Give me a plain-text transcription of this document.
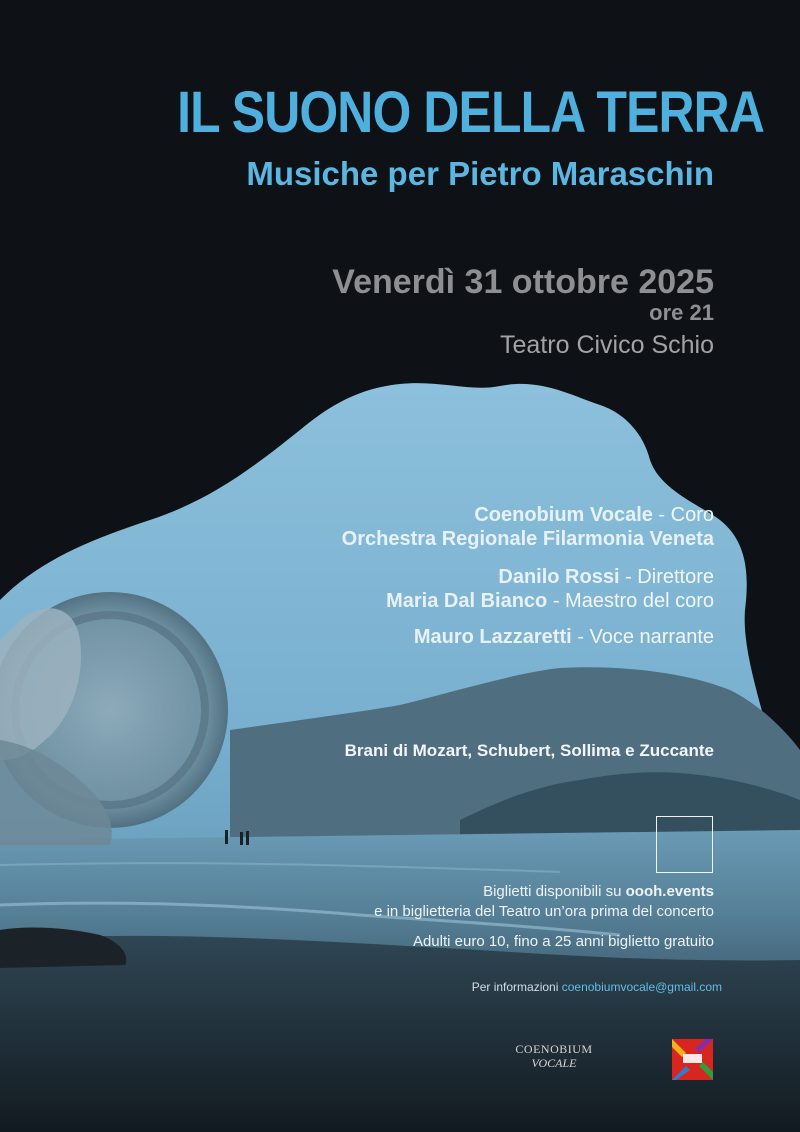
IL SUONO DELLA TERRA
Musiche per Pietro Maraschin
Venerdì 31 ottobre 2025
ore 21
Teatro Civico Schio
Coenobium Vocale - Coro
Orchestra Regionale Filarmonia Veneta
Danilo Rossi - Direttore
Maria Dal Bianco - Maestro del coro
Mauro Lazzaretti - Voce narrante
Brani di Mozart, Schubert, Sollima e Zuccante
Biglietti disponibili su oooh.events
e in biglietteria del Teatro un’ora prima del concerto
Adulti euro 10, fino a 25 anni biglietto gratuito
Per informazioni coenobiumvocale@gmail.com
COENOBIUM
VOCALE
